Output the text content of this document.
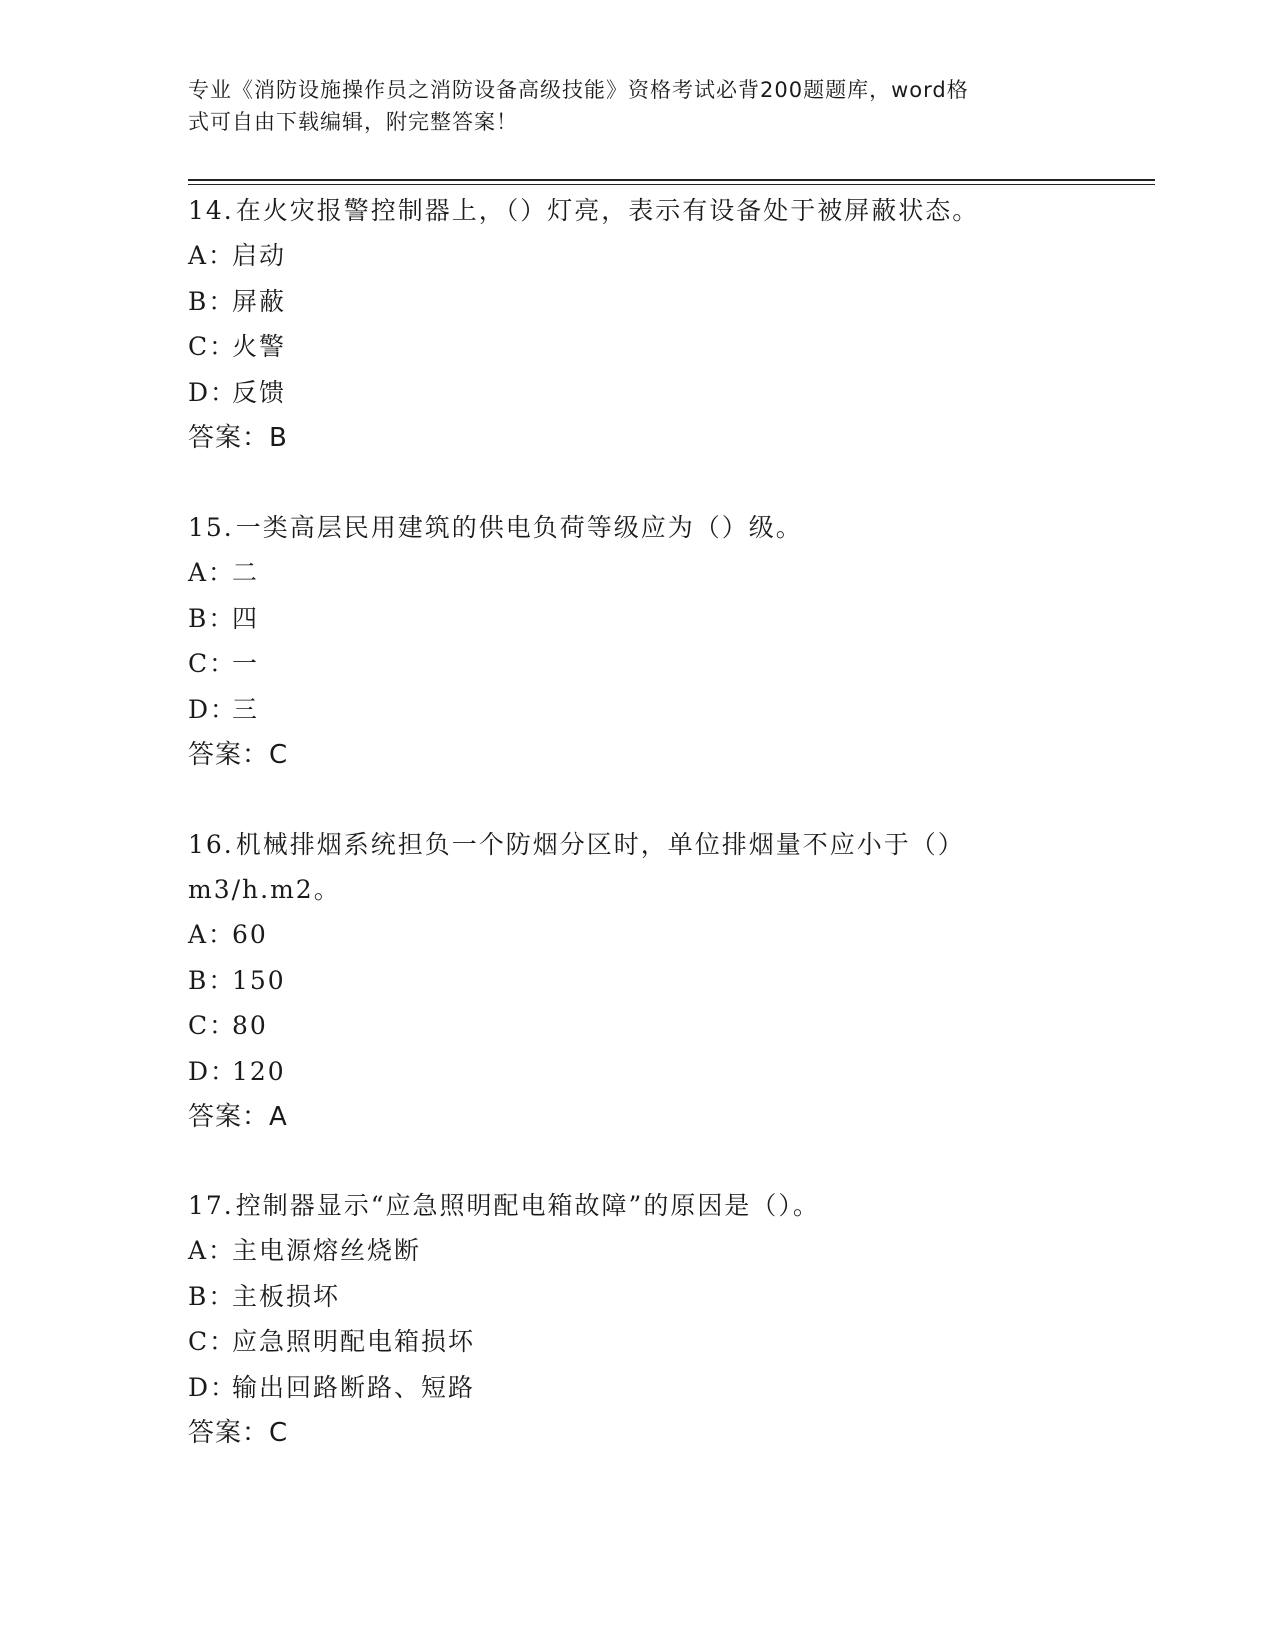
专业《消防设施操作员之消防设备高级技能》资格考试必背200题题库，word格

式可自由下载编辑，附完整答案！

14.在火灾报警控制器上，（）灯亮，表示有设备处于被屏蔽状态。

A：启动

B：屏蔽

C：火警

D：反馈

答案：B

15.一类高层民用建筑的供电负荷等级应为（）级。

A：二

B：四

C：一

D：三

答案：C

16.机械排烟系统担负一个防烟分区时，单位排烟量不应小于（）

m3/h.m2。

A：60

B：150

C：80

D：120

答案：A

17.控制器显示“应急照明配电箱故障”的原因是（）。

A：主电源熔丝烧断

B：主板损坏

C：应急照明配电箱损坏

D：输出回路断路、短路

答案：C
